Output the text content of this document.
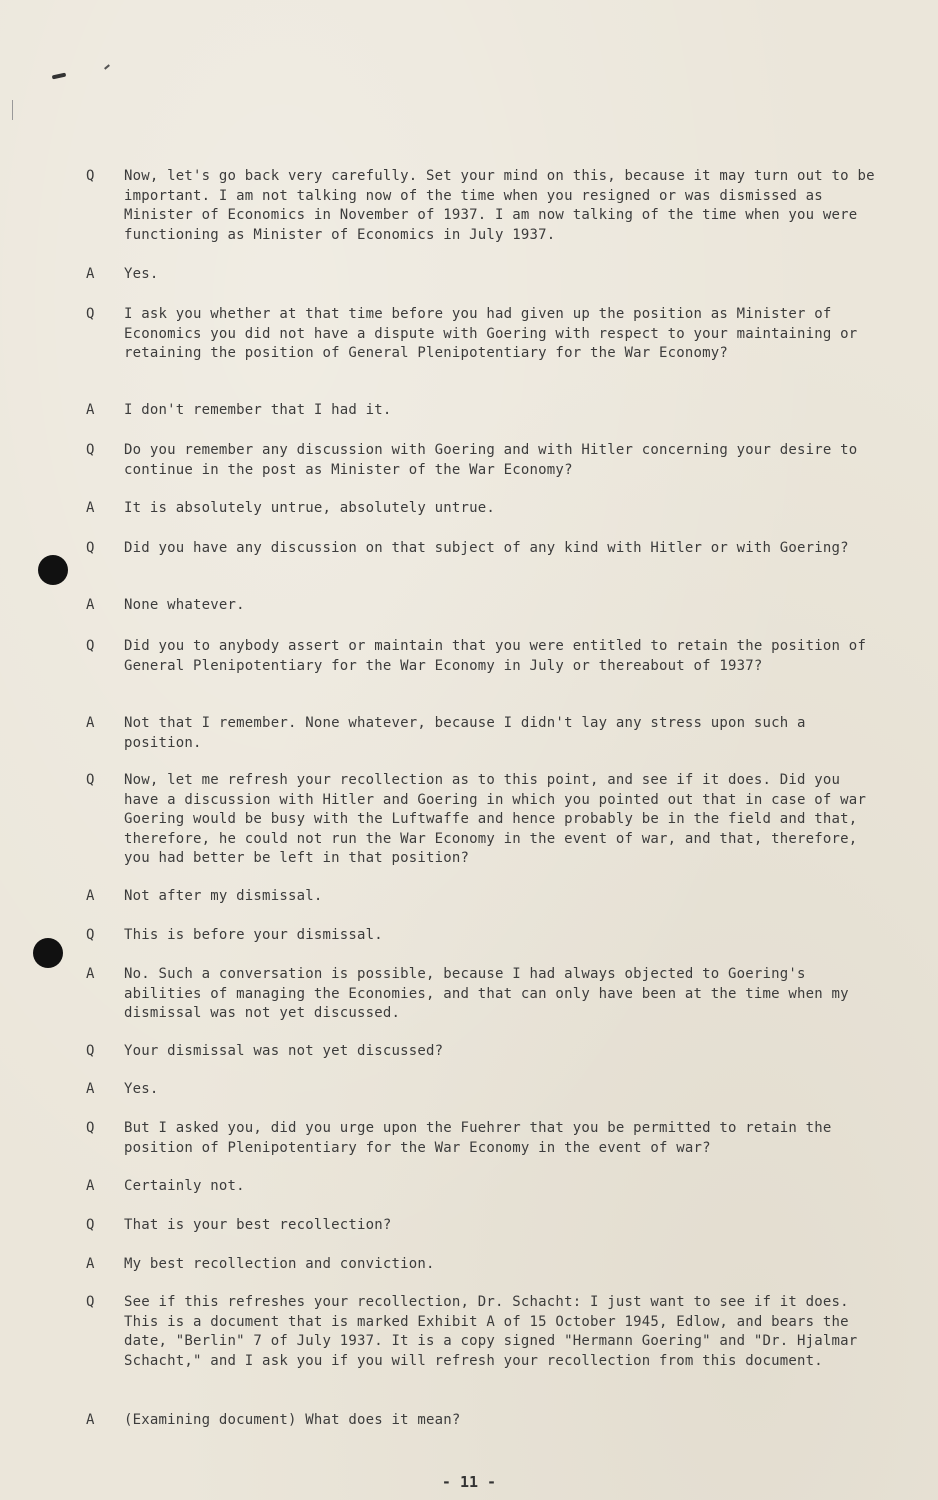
Q Now, let's go back very carefully. Set your mind on this, because it may turn out to be important. I am not talking now of the time when you resigned or was dismissed as Minister of Economics in November of 1937. I am now talking of the time when you were functioning as Minister of Economics in July 1937.
A Yes.
Q I ask you whether at that time before you had given up the position as Minister of Economics you did not have a dispute with Goering with respect to your maintaining or retaining the position of General Plenipotentiary for the War Economy?
A I don't remember that I had it.
Q Do you remember any discussion with Goering and with Hitler concerning your desire to continue in the post as Minister of the War Economy?
A It is absolutely untrue, absolutely untrue.
Q Did you have any discussion on that subject of any kind with Hitler or with Goering?
A None whatever.
Q Did you to anybody assert or maintain that you were entitled to retain the position of General Plenipotentiary for the War Economy in July or thereabout of 1937?
A Not that I remember. None whatever, because I didn't lay any stress upon such a position.
Q Now, let me refresh your recollection as to this point, and see if it does. Did you have a discussion with Hitler and Goering in which you pointed out that in case of war Goering would be busy with the Luftwaffe and hence probably be in the field and that, therefore, he could not run the War Economy in the event of war, and that, therefore, you had better be left in that position?
A Not after my dismissal.
Q This is before your dismissal.
A No. Such a conversation is possible, because I had always objected to Goering's abilities of managing the Economies, and that can only have been at the time when my dismissal was not yet discussed.
Q Your dismissal was not yet discussed?
A Yes.
Q But I asked you, did you urge upon the Fuehrer that you be permitted to retain the position of Plenipotentiary for the War Economy in the event of war?
A Certainly not.
Q That is your best recollection?
A My best recollection and conviction.
Q See if this refreshes your recollection, Dr. Schacht: I just want to see if it does. This is a document that is marked Exhibit A of 15 October 1945, Edlow, and bears the date, "Berlin" 7 of July 1937. It is a copy signed "Hermann Goering" and "Dr. Hjalmar Schacht," and I ask you if you will refresh your recollection from this document.
A (Examining document) What does it mean?
- 11 -
